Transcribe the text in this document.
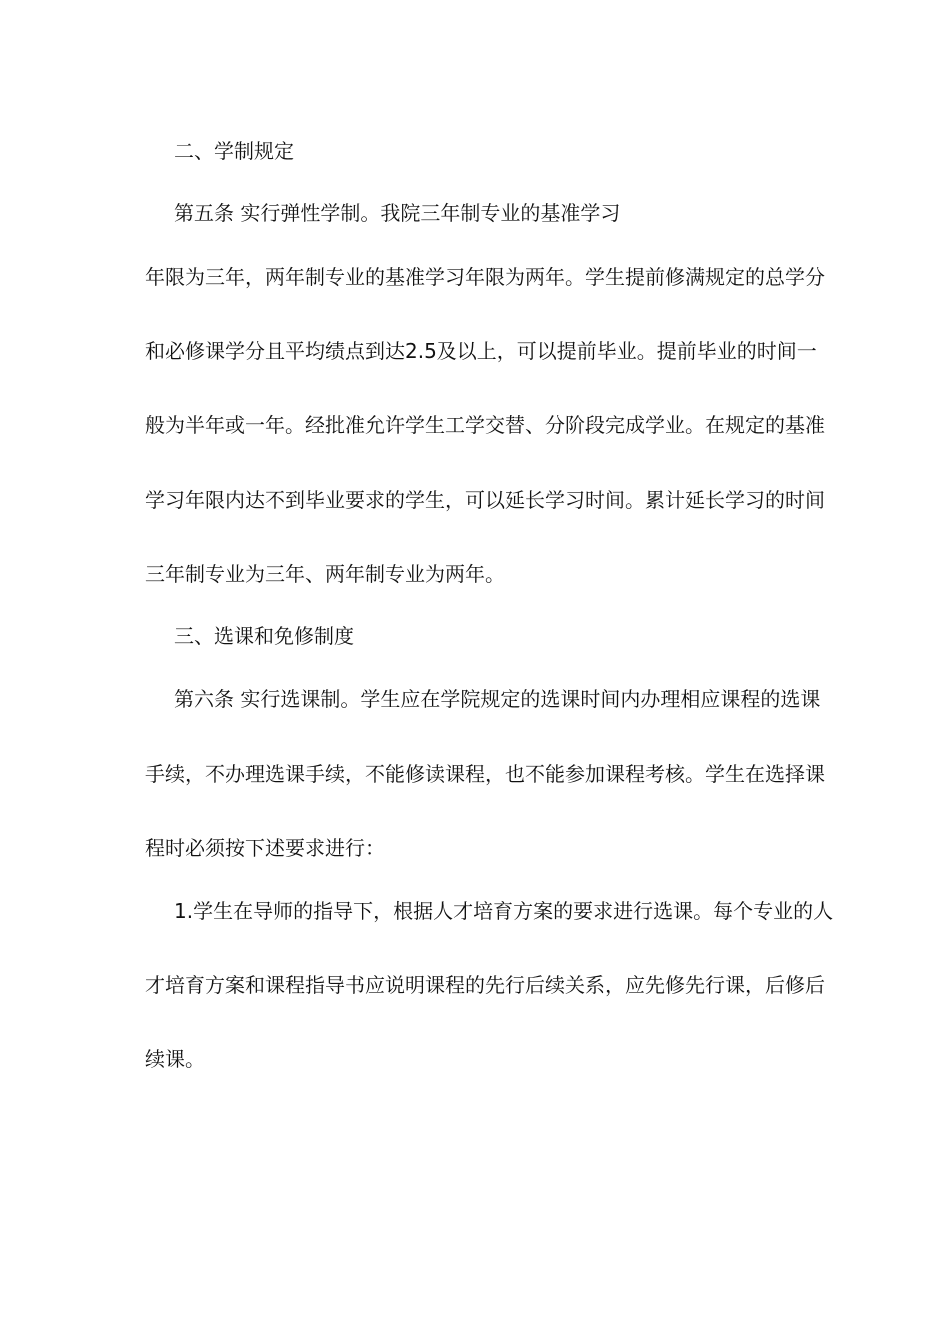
二、学制规定
第五条 实行弹性学制。我院三年制专业的基准学习
年限为三年，两年制专业的基准学习年限为两年。学生提前修满规定的总学分
和必修课学分且平均绩点到达2.5及以上，可以提前毕业。提前毕业的时间一
般为半年或一年。经批准允许学生工学交替、分阶段完成学业。在规定的基准
学习年限内达不到毕业要求的学生，可以延长学习时间。累计延长学习的时间
三年制专业为三年、两年制专业为两年。
三、选课和免修制度
第六条 实行选课制。学生应在学院规定的选课时间内办理相应课程的选课
手续，不办理选课手续，不能修读课程，也不能参加课程考核。学生在选择课
程时必须按下述要求进行：
1.学生在导师的指导下，根据人才培育方案的要求进行选课。每个专业的人
才培育方案和课程指导书应说明课程的先行后续关系，应先修先行课，后修后
续课。
